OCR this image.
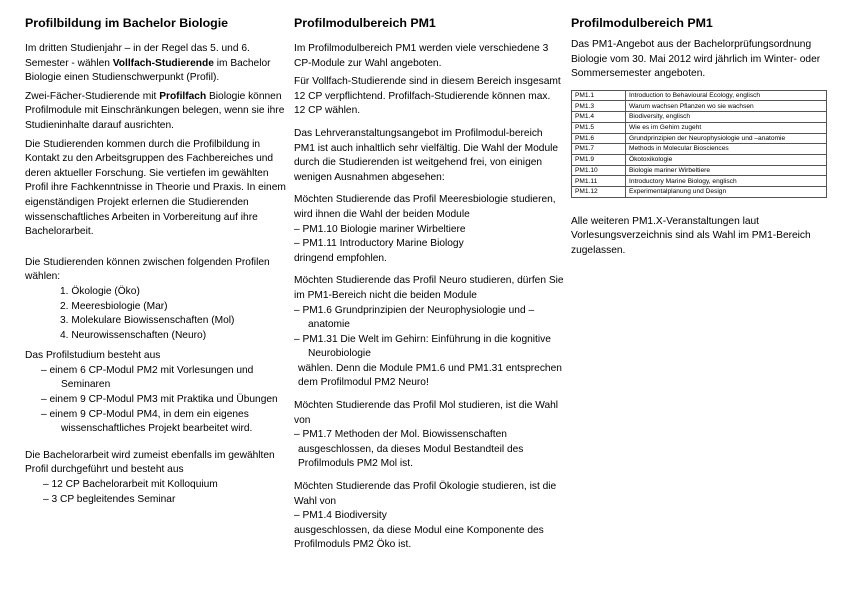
Profilbildung im Bachelor Biologie

Im dritten Studienjahr – in der Regel das 5. und 6. Semester - wählen Vollfach-Studierende im Bachelor Biologie einen Studienschwerpunkt (Profil).

Zwei-Fächer-Studierende mit Profilfach Biologie können Profilmodule mit Einschränkungen belegen, wenn sie ihre Studieninhalte darauf ausrichten.

Die Studierenden kommen durch die Profilbildung in Kontakt zu den Arbeitsgruppen des Fachbereiches und deren aktueller Forschung. Sie vertiefen im gewählten Profil ihre Fachkenntnisse in Theorie und Praxis. In einem eigenständigen Projekt erlernen die Studierenden wissenschaftliches Arbeiten in Vorbereitung auf ihre Bachelorarbeit.

Die Studierenden können zwischen folgenden Profilen wählen:

1. Ökologie (Öko)
2. Meeresbiologie (Mar)
3. Molekulare Biowissenschaften (Mol)
4. Neurowissenschaften (Neuro)

Das Profilstudium besteht aus

– einem 6 CP-Modul PM2 mit Vorlesungen und Seminaren
– einem 9 CP-Modul PM3 mit Praktika und Übungen
– einem 9 CP-Modul PM4, in dem ein eigenes wissenschaftliches Projekt bearbeitet wird.

Die Bachelorarbeit wird zumeist ebenfalls im gewählten Profil durchgeführt und besteht aus

– 12 CP Bachelorarbeit mit Kolloquium
– 3 CP begleitendes Seminar
Profilmodulbereich PM1

Im Profilmodulbereich PM1 werden viele verschiedene 3 CP-Module zur Wahl angeboten.

Für Vollfach-Studierende sind in diesem Bereich insgesamt 12 CP verpflichtend. Profilfach-Studierende können max. 12 CP wählen.

Das Lehrveranstaltungsangebot im Profilmodul-bereich PM1 ist auch inhaltlich sehr vielfältig. Die Wahl der Module durch die Studierenden ist weitgehend frei, von einigen wenigen Ausnahmen abgesehen:

Möchten Studierende das Profil Meeresbiologie studieren, wird ihnen die Wahl der beiden Module

– PM1.10 Biologie mariner Wirbeltiere
– PM1.11 Introductory Marine Biology

dringend empfohlen.

Möchten Studierende das Profil Neuro studieren, dürfen Sie im PM1-Bereich nicht die beiden Module

– PM1.6 Grundprinzipien der Neurophysiologie und –anatomie
– PM1.31 Die Welt im Gehirn: Einführung in die kognitive Neurobiologie

wählen. Denn die Module PM1.6 und PM1.31 entsprechen dem Profilmodul PM2 Neuro!

Möchten Studierende das Profil Mol studieren, ist die Wahl von

– PM1.7 Methoden der Mol. Biowissenschaften

ausgeschlossen, da dieses Modul Bestandteil des Profilmoduls PM2 Mol ist.

Möchten Studierende das Profil Ökologie studieren, ist die Wahl von

– PM1.4 Biodiversity

ausgeschlossen, da diese Modul eine Komponente des Profilmoduls PM2 Öko ist.

Profilmodulbereich PM1

Das PM1-Angebot aus der Bachelorprüfungsordnung Biologie vom 30. Mai 2012 wird jährlich im Winter- oder Sommersemester angeboten.

PM1.1	Introduction to Behavioural Ecology, englisch
PM1.3	Warum wachsen Pflanzen wo sie wachsen
PM1.4	Biodiversity, englisch
PM1.5	Wie es im Gehirn zugeht
PM1.6	Grundprinzipien der Neurophysiologie und –anatomie
PM1.7	Methods in Molecular Biosciences
PM1.9	Ökotoxikologie
PM1.10	Biologie mariner Wirbeltiere
PM1.11	Introductory Marine Biology, englisch
PM1.12	Experimentalplanung und Design

Alle weiteren PM1.X-Veranstaltungen laut Vorlesungsverzeichnis sind als Wahl im PM1-Bereich zugelassen.
